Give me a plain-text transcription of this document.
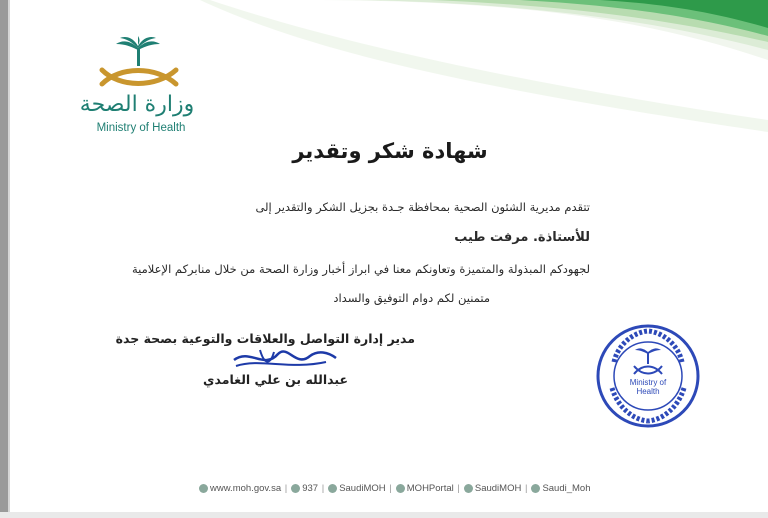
وزارة الصحة
Ministry of Health
شهادة شكر وتقدير
تتقدم مديرية الشئون الصحية بمحافظة جـدة بجزيل الشكر والتقدير إلى
للأستاذة. مرفت طيب
لجهودكم المبذولة والمتميزة وتعاونكم معنا في ابراز أخبار وزارة الصحة من خلال منابركم الإعلامية
متمنين لكم دوام التوفيق والسداد
مدير إدارة التواصل والعلاقات والتوعية بصحة جدة
عبدالله بن علي الغامدي	Ministry of Health
www.moh.gov.sa | 937 | SaudiMOH | MOHPortal | SaudiMOH | Saudi_Moh
